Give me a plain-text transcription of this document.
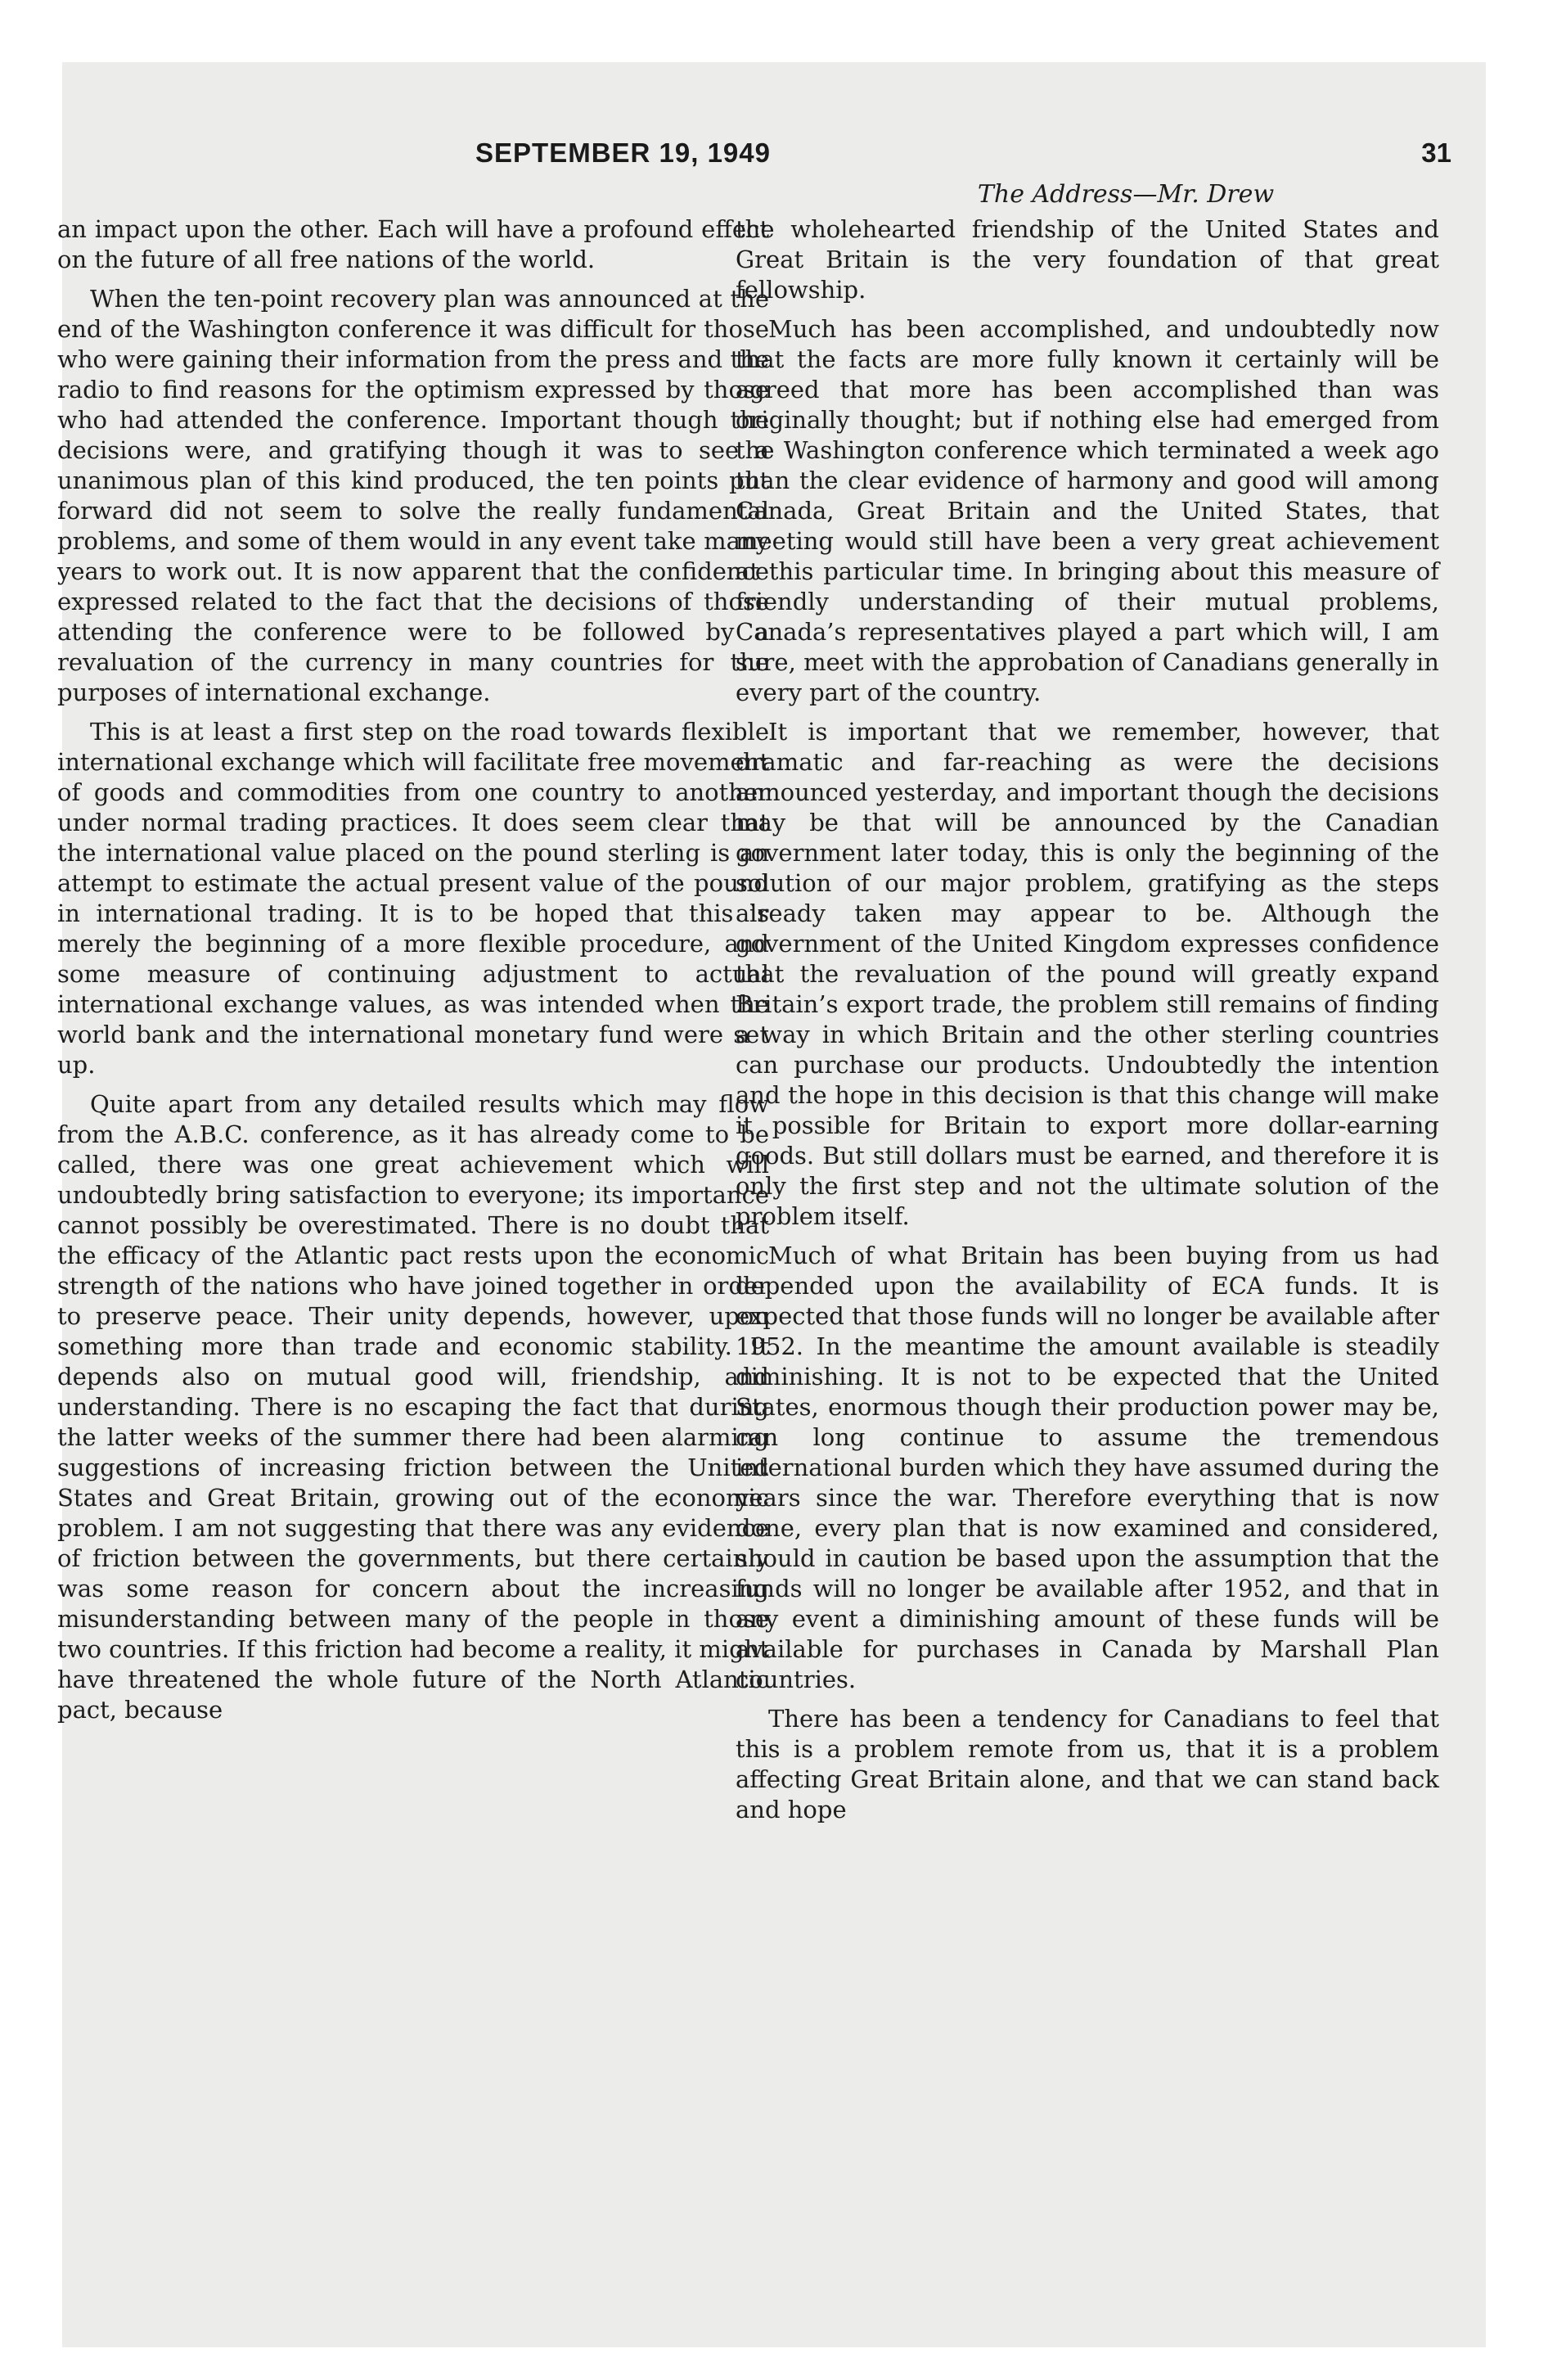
SEPTEMBER 19, 1949	31
The Address—Mr. Drew

an impact upon the other. Each will have a profound effect on the future of all free nations of the world.

When the ten-point recovery plan was announced at the end of the Washington conference it was difficult for those who were gaining their information from the press and the radio to find reasons for the optimism expressed by those who had attended the conference. Important though the decisions were, and gratifying though it was to see a unanimous plan of this kind produced, the ten points put forward did not seem to solve the really fundamental problems, and some of them would in any event take many years to work out. It is now apparent that the confidence expressed related to the fact that the decisions of those attending the conference were to be followed by a revaluation of the currency in many countries for the purposes of international exchange.

This is at least a first step on the road towards flexible international exchange which will facilitate free movement of goods and commodities from one country to another under normal trading practices. It does seem clear that the international value placed on the pound sterling is an attempt to estimate the actual present value of the pound in international trading. It is to be hoped that this is merely the beginning of a more flexible procedure, and some measure of continuing adjustment to actual international exchange values, as was intended when the world bank and the international monetary fund were set up.

Quite apart from any detailed results which may flow from the A.B.C. conference, as it has already come to be called, there was one great achievement which will undoubtedly bring satisfaction to everyone; its importance cannot possibly be overestimated. There is no doubt that the efficacy of the Atlantic pact rests upon the economic strength of the nations who have joined together in order to preserve peace. Their unity depends, however, upon something more than trade and economic stability. It depends also on mutual good will, friendship, and understanding. There is no escaping the fact that during the latter weeks of the summer there had been alarming suggestions of increasing friction between the United States and Great Britain, growing out of the economic problem. I am not suggesting that there was any evidence of friction between the governments, but there certainly was some reason for concern about the increasing misunderstanding between many of the people in those two countries. If this friction had become a reality, it might have threatened the whole future of the North Atlantic pact, because

the wholehearted friendship of the United States and Great Britain is the very foundation of that great fellowship.

Much has been accomplished, and undoubtedly now that the facts are more fully known it certainly will be agreed that more has been accomplished than was originally thought; but if nothing else had emerged from the Washington conference which terminated a week ago than the clear evidence of harmony and good will among Canada, Great Britain and the United States, that meeting would still have been a very great achievement at this particular time. In bringing about this measure of friendly understanding of their mutual problems, Canada’s representatives played a part which will, I am sure, meet with the approbation of Canadians generally in every part of the country.

It is important that we remember, however, that dramatic and far-reaching as were the decisions announced yesterday, and important though the decisions may be that will be announced by the Canadian government later today, this is only the beginning of the solution of our major problem, gratifying as the steps already taken may appear to be. Although the government of the United Kingdom expresses confidence that the revaluation of the pound will greatly expand Britain’s export trade, the problem still remains of finding a way in which Britain and the other sterling countries can purchase our products. Undoubtedly the intention and the hope in this decision is that this change will make it possible for Britain to export more dollar-earning goods. But still dollars must be earned, and therefore it is only the first step and not the ultimate solution of the problem itself.

Much of what Britain has been buying from us had depended upon the availability of ECA funds. It is expected that those funds will no longer be available after 1952. In the meantime the amount available is steadily diminishing. It is not to be expected that the United States, enormous though their production power may be, can long continue to assume the tremendous international burden which they have assumed during the years since the war. Therefore everything that is now done, every plan that is now examined and considered, should in caution be based upon the assumption that the funds will no longer be available after 1952, and that in any event a diminishing amount of these funds will be available for purchases in Canada by Marshall Plan countries.

There has been a tendency for Canadians to feel that this is a problem remote from us, that it is a problem affecting Great Britain alone, and that we can stand back and hope
